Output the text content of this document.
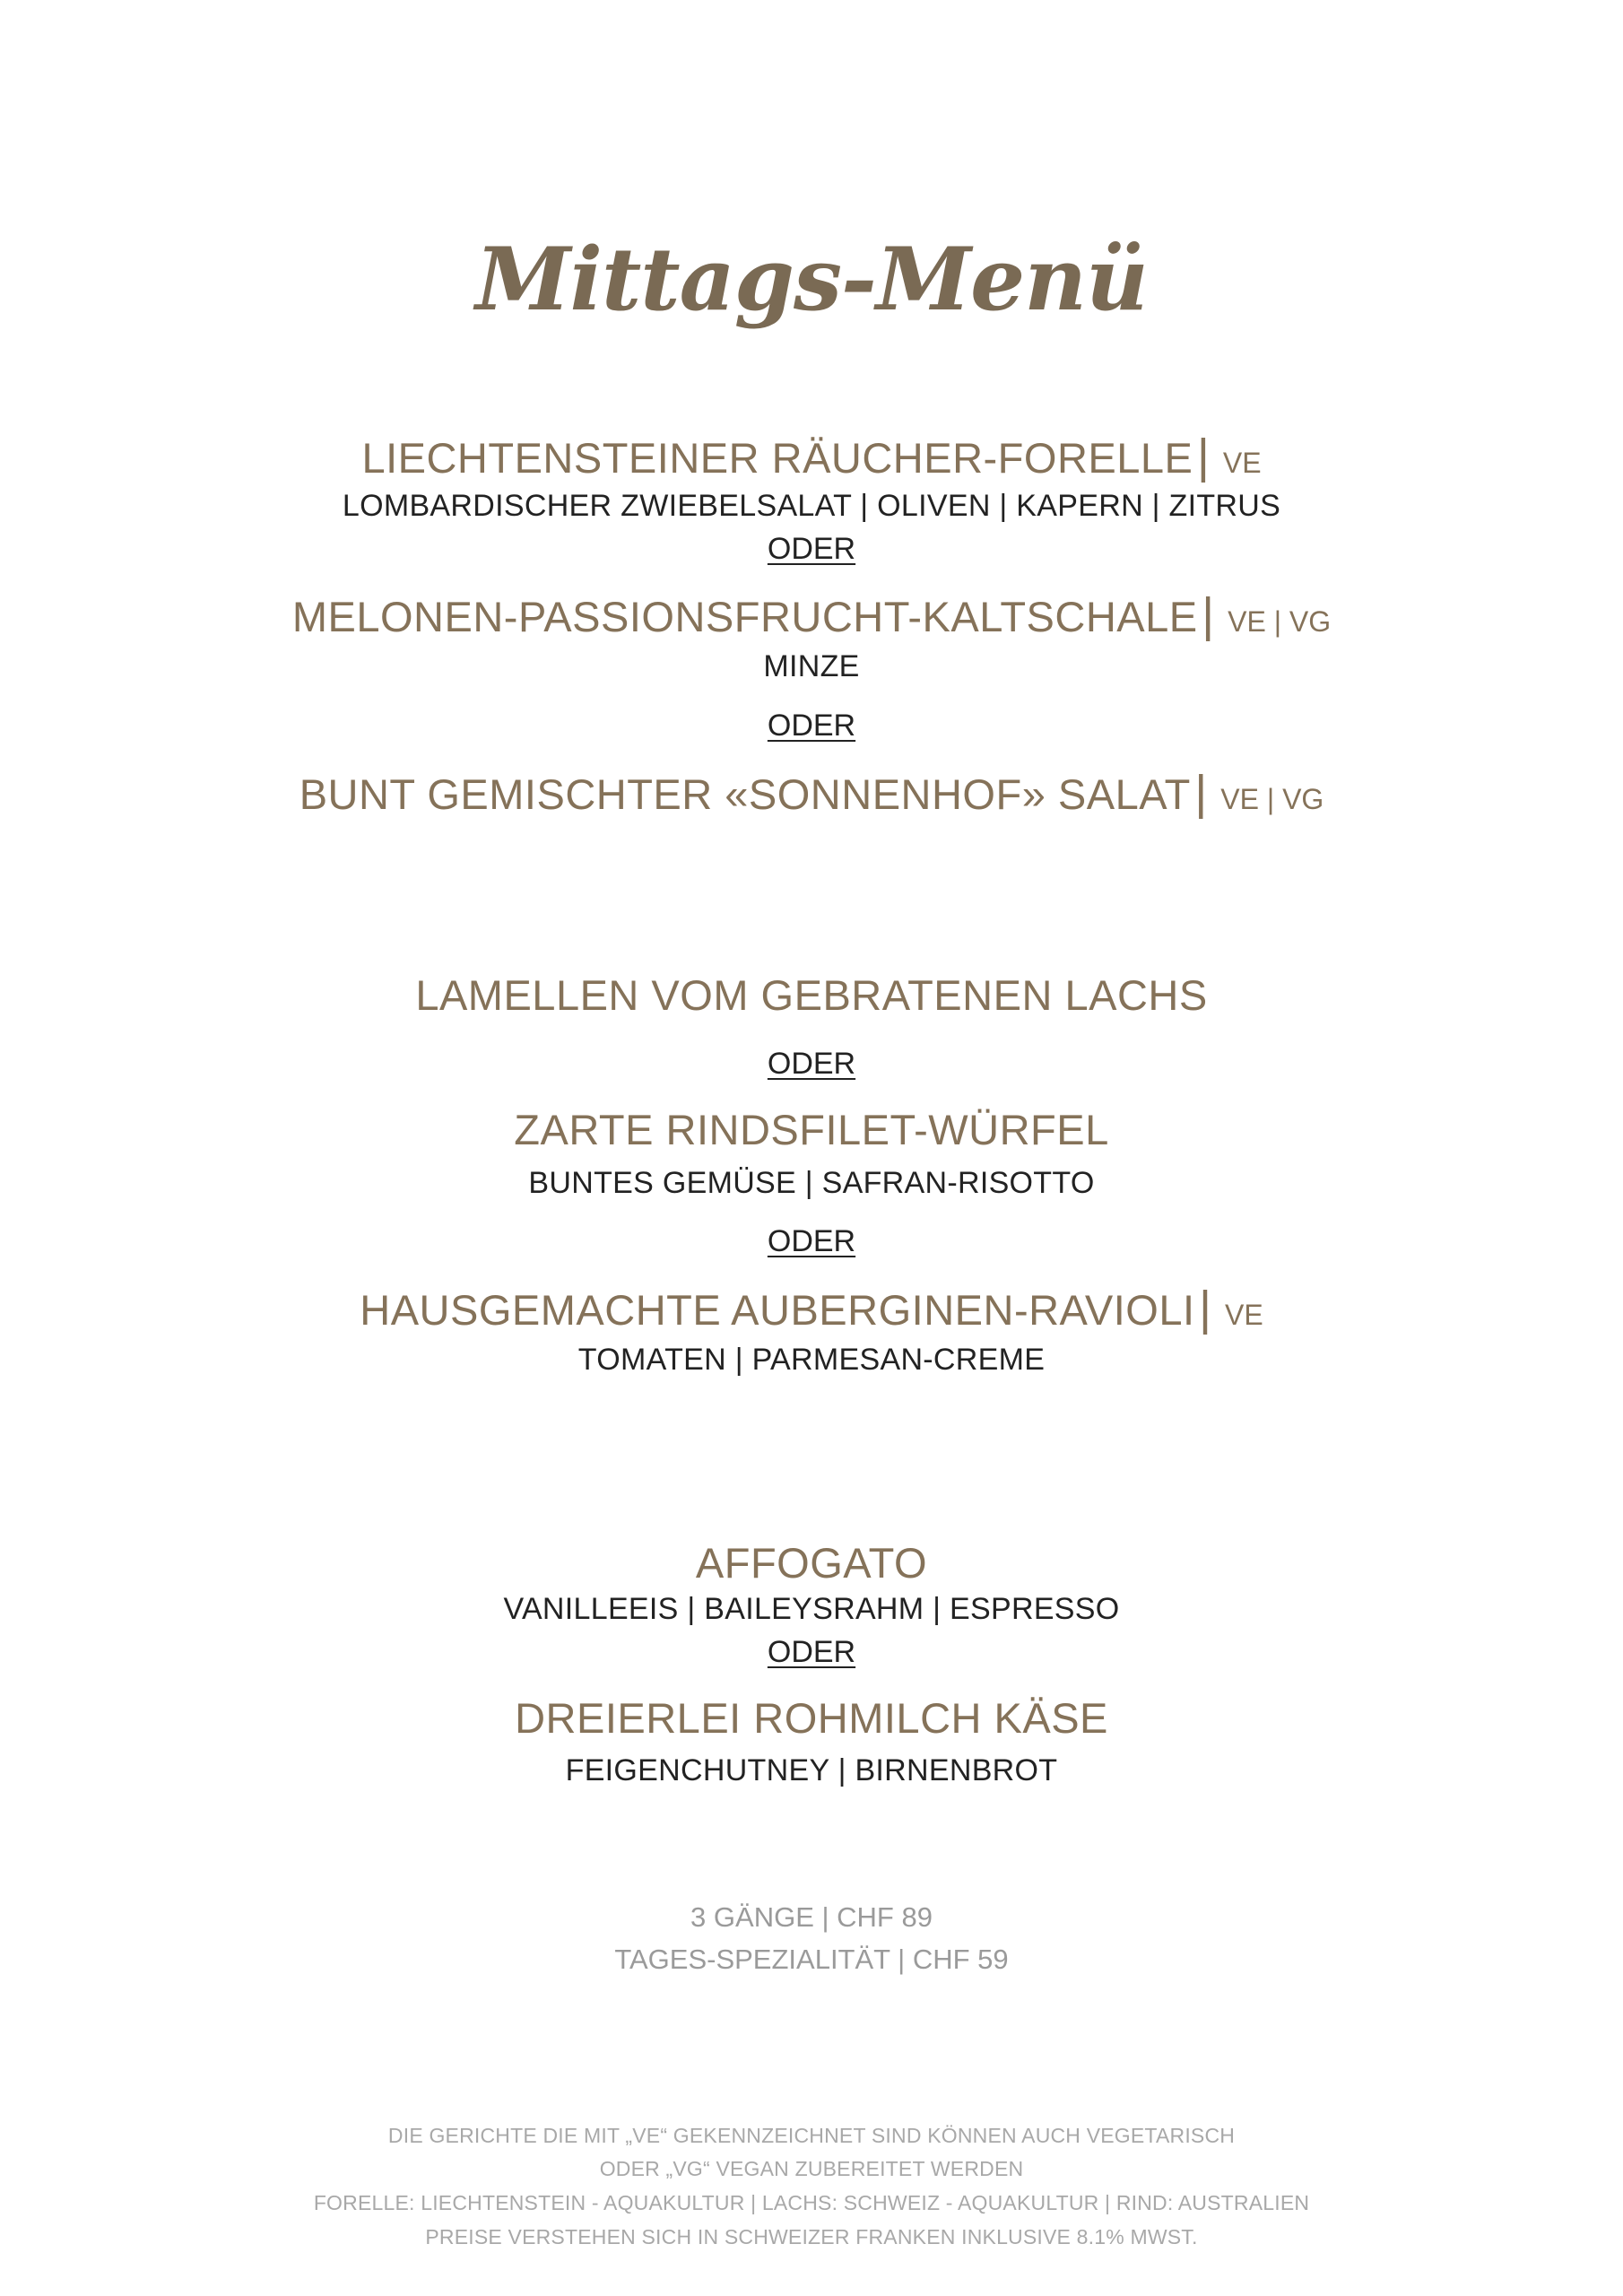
Mittags-Menü
LIECHTENSTEINER RÄUCHER-FORELLE | VE
LOMBARDISCHER ZWIEBELSALAT | OLIVEN | KAPERN | ZITRUS
ODER
MELONEN-PASSIONSFRUCHT-KALTSCHALE | VE | VG
MINZE
ODER
BUNT GEMISCHTER «SONNENHOF» SALAT | VE | VG
LAMELLEN VOM GEBRATENEN LACHS
ODER
ZARTE RINDSFILET-WÜRFEL
BUNTES GEMÜSE | SAFRAN-RISOTTO
ODER
HAUSGEMACHTE AUBERGINEN-RAVIOLI | VE
TOMATEN | PARMESAN-CREME
AFFOGATO
VANILLEEIS | BAILEYSRAHM | ESPRESSO
ODER
DREIERLEI ROHMILCH KÄSE
FEIGENCHUTNEY | BIRNENBROT
3 GÄNGE | CHF 89
TAGES-SPEZIALITÄT | CHF 59
DIE GERICHTE DIE MIT „VE“ GEKENNZEICHNET SIND KÖNNEN AUCH VEGETARISCH
ODER „VG“ VEGAN ZUBEREITET WERDEN
FORELLE: LIECHTENSTEIN - AQUAKULTUR | LACHS: SCHWEIZ - AQUAKULTUR | RIND: AUSTRALIEN
PREISE VERSTEHEN SICH IN SCHWEIZER FRANKEN INKLUSIVE 8.1% MWST.
